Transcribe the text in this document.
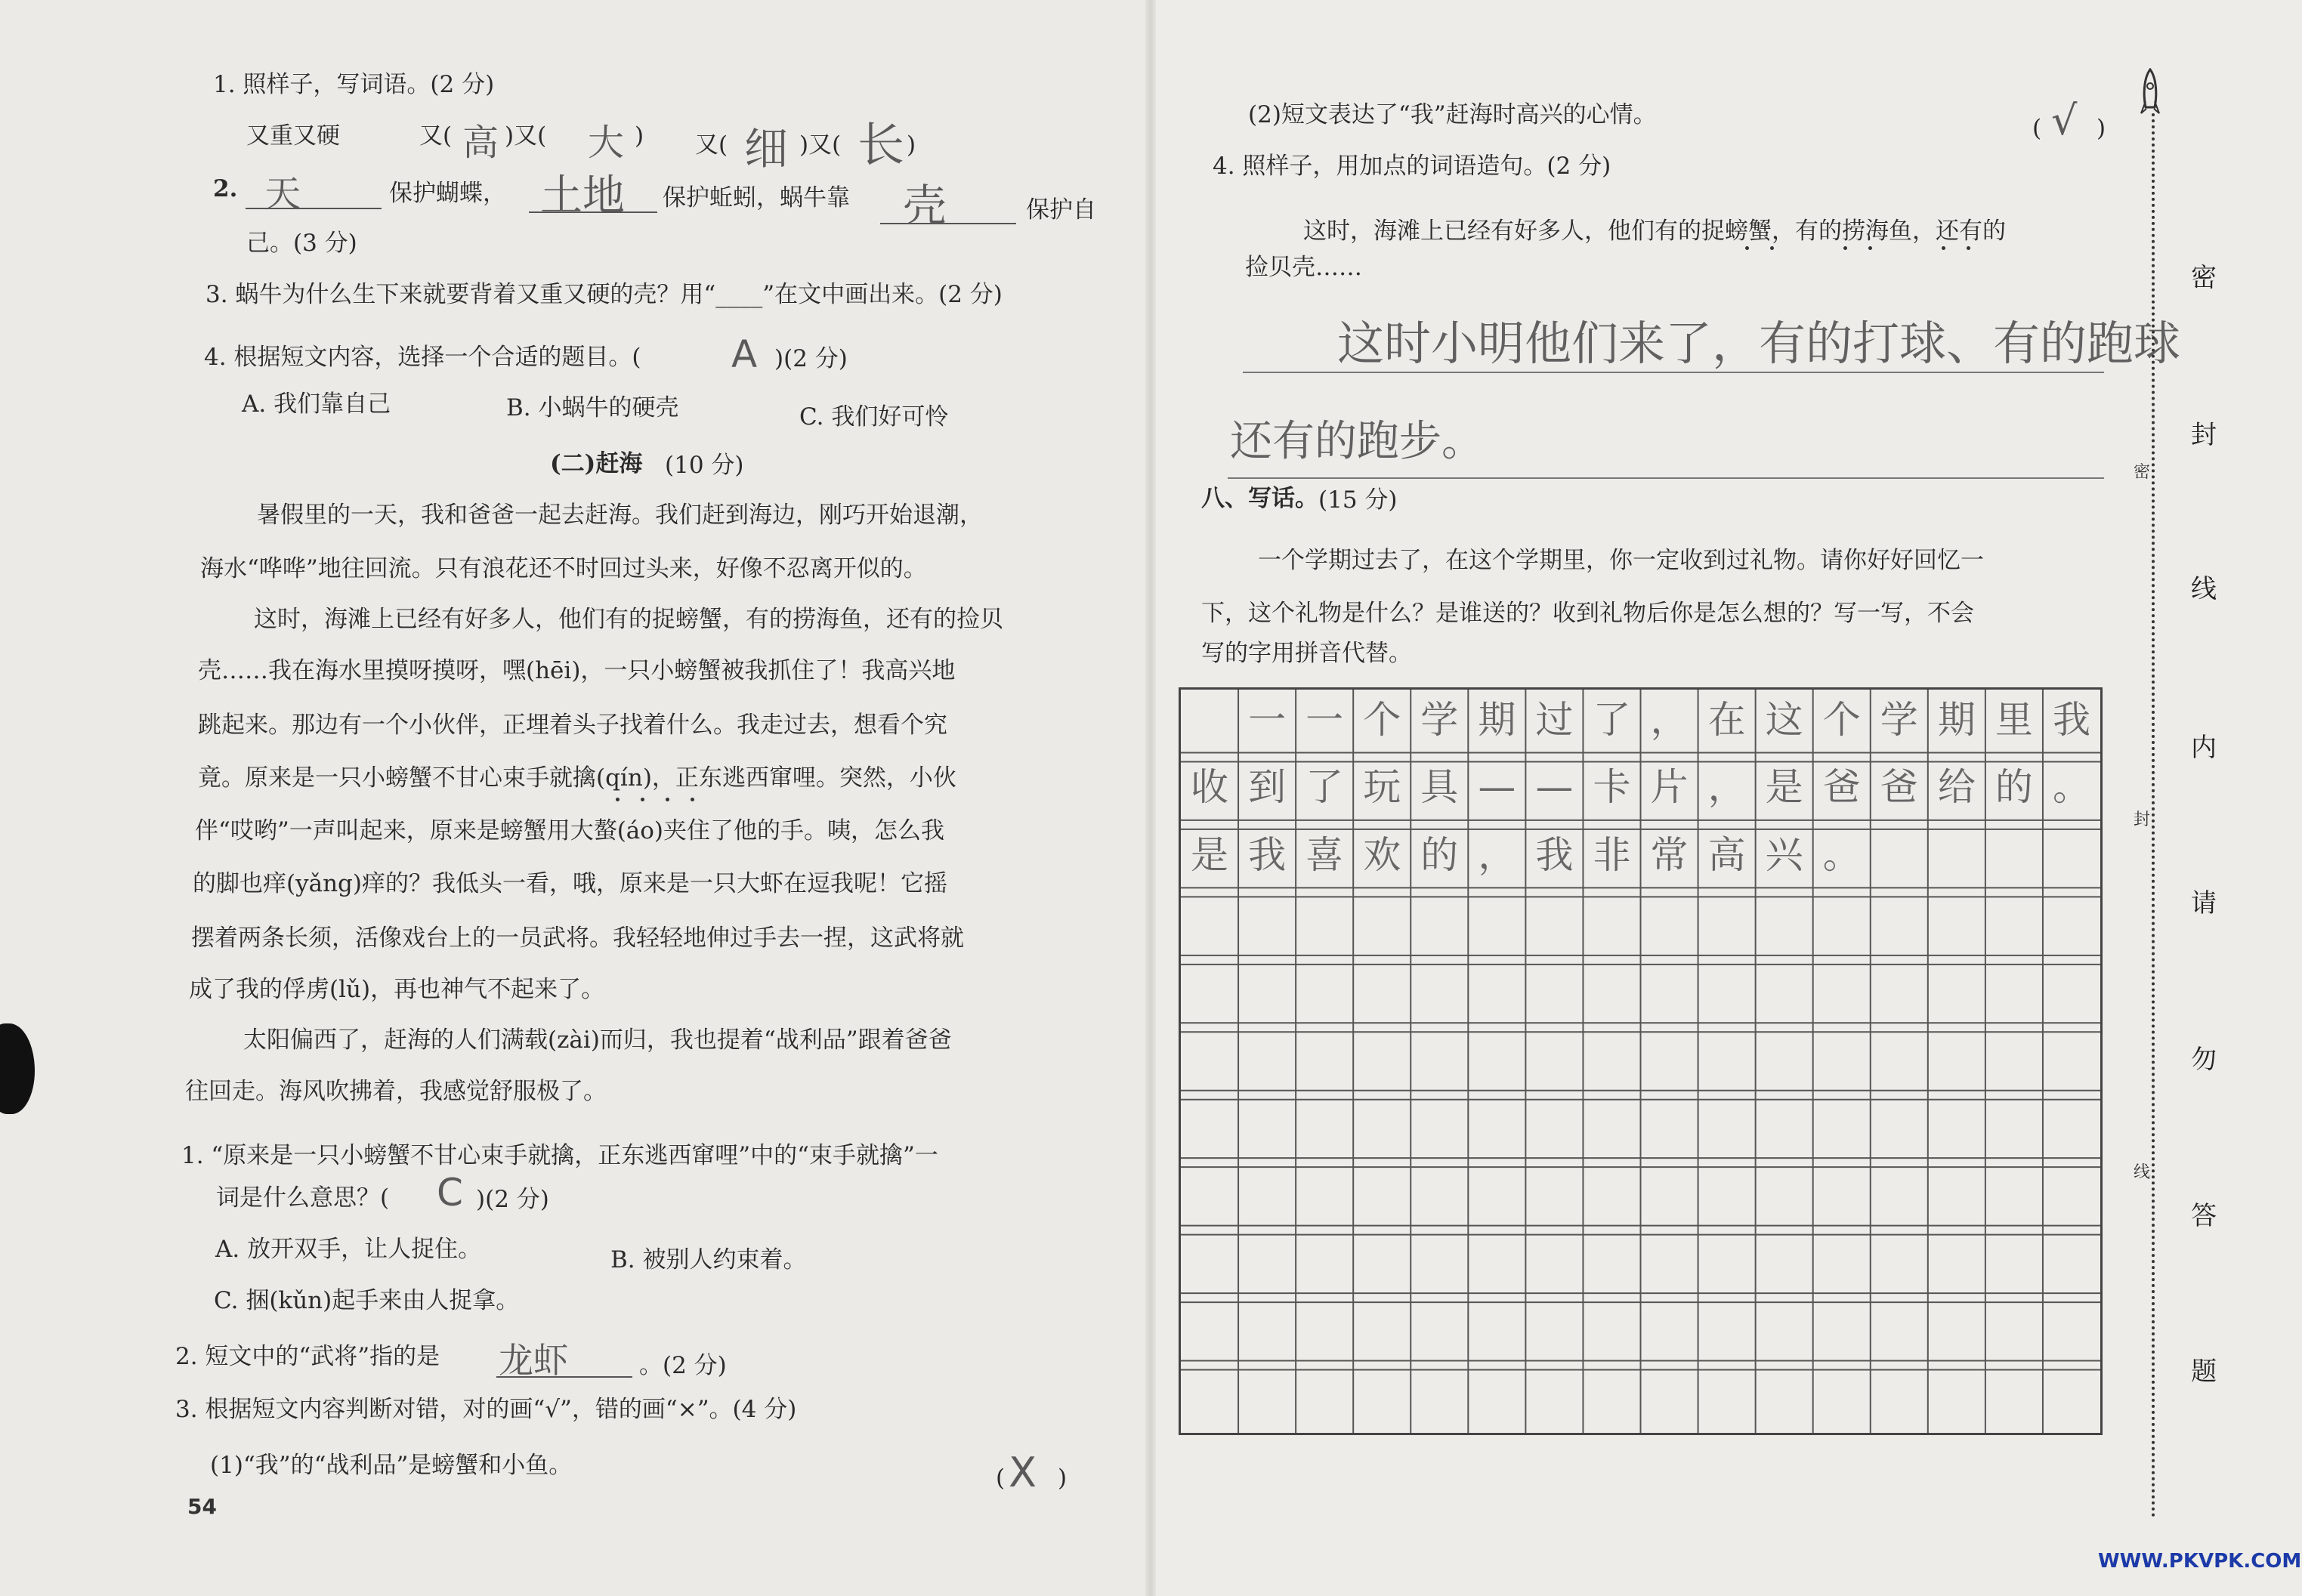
1. 照样子，写词语。(2 分)
又重又硬	又( 高 )又( 大 ) 又( 细 )又( 长 )
2. 天	保护蝴蝶， 土地 保护蚯蚓，蜗牛靠 壳	保护自
己。(3 分)
3. 蜗牛为什么生下来就要背着又重又硬的壳？用“____”在文中画出来。(2 分)
4. 根据短文内容，选择一个合适的题目。( A )(2 分)
A. 我们靠自己	B. 小蜗牛的硬壳	C. 我们好可怜
(二)赶海 (10 分)
暑假里的一天，我和爸爸一起去赶海。我们赶到海边，刚巧开始退潮，
海水“哗哗”地往回流。只有浪花还不时回过头来，好像不忍离开似的。
这时，海滩上已经有好多人，他们有的捉螃蟹，有的捞海鱼，还有的捡贝
壳……我在海水里摸呀摸呀，嘿(hēi)，一只小螃蟹被我抓住了！我高兴地
跳起来。那边有一个小伙伴，正埋着头子找着什么。我走过去，想看个究
竟。原来是一只小螃蟹不甘心束手就擒(qín)，正东逃西窜哩。突然，小伙
伴“哎哟”一声叫起来，原来是螃蟹用大螯(áo)夹住了他的手。咦，怎么我
的脚也痒(yǎng)痒的？我低头一看，哦，原来是一只大虾在逗我呢！它摇
摆着两条长须，活像戏台上的一员武将。我轻轻地伸过手去一捏，这武将就
成了我的俘虏(lǔ)，再也神气不起来了。
太阳偏西了，赶海的人们满载(zài)而归，我也提着“战利品”跟着爸爸
往回走。海风吹拂着，我感觉舒服极了。
1. “原来是一只小螃蟹不甘心束手就擒，正东逃西窜哩”中的“束手就擒”一
词是什么意思？( C )(2 分)
A. 放开双手，让人捉住。	B. 被别人约束着。
C. 捆(kǔn)起手来由人捉拿。
2. 短文中的“武将”指的是 龙虾	。(2 分)
3. 根据短文内容判断对错，对的画“√”，错的画“×”。(4 分)
(1)“我”的“战利品”是螃蟹和小鱼。	( X )
54
(2)短文表达了“我”赶海时高兴的心情。	( √ )
4. 照样子，用加点的词语造句。(2 分)
这时，海滩上已经有好多人，他们有的捉螃蟹，有的捞海鱼，还有的
捡贝壳……
这时小明他们来了，有的打球、有的跑球
还有的跑步。
八、写话。 (15 分)
一个学期过去了，在这个学期里，你一定收到过礼物。请你好好回忆一
下，这个礼物是什么？是谁送的？收到礼物后你是怎么想的？写一写，不会
写的字用拼音代替。
一 一 个 学 期 过 了 ， 在 这 个 学 期 里 我
收 到 了 玩 具 — — 卡 片 ， 是 爸 爸 给 的 。
是 我 喜 欢 的 ， 我 非 常 高 兴 。
密
封
线
内
请
勿
答
题
密
封
线
WWW.PKVPK.COM
